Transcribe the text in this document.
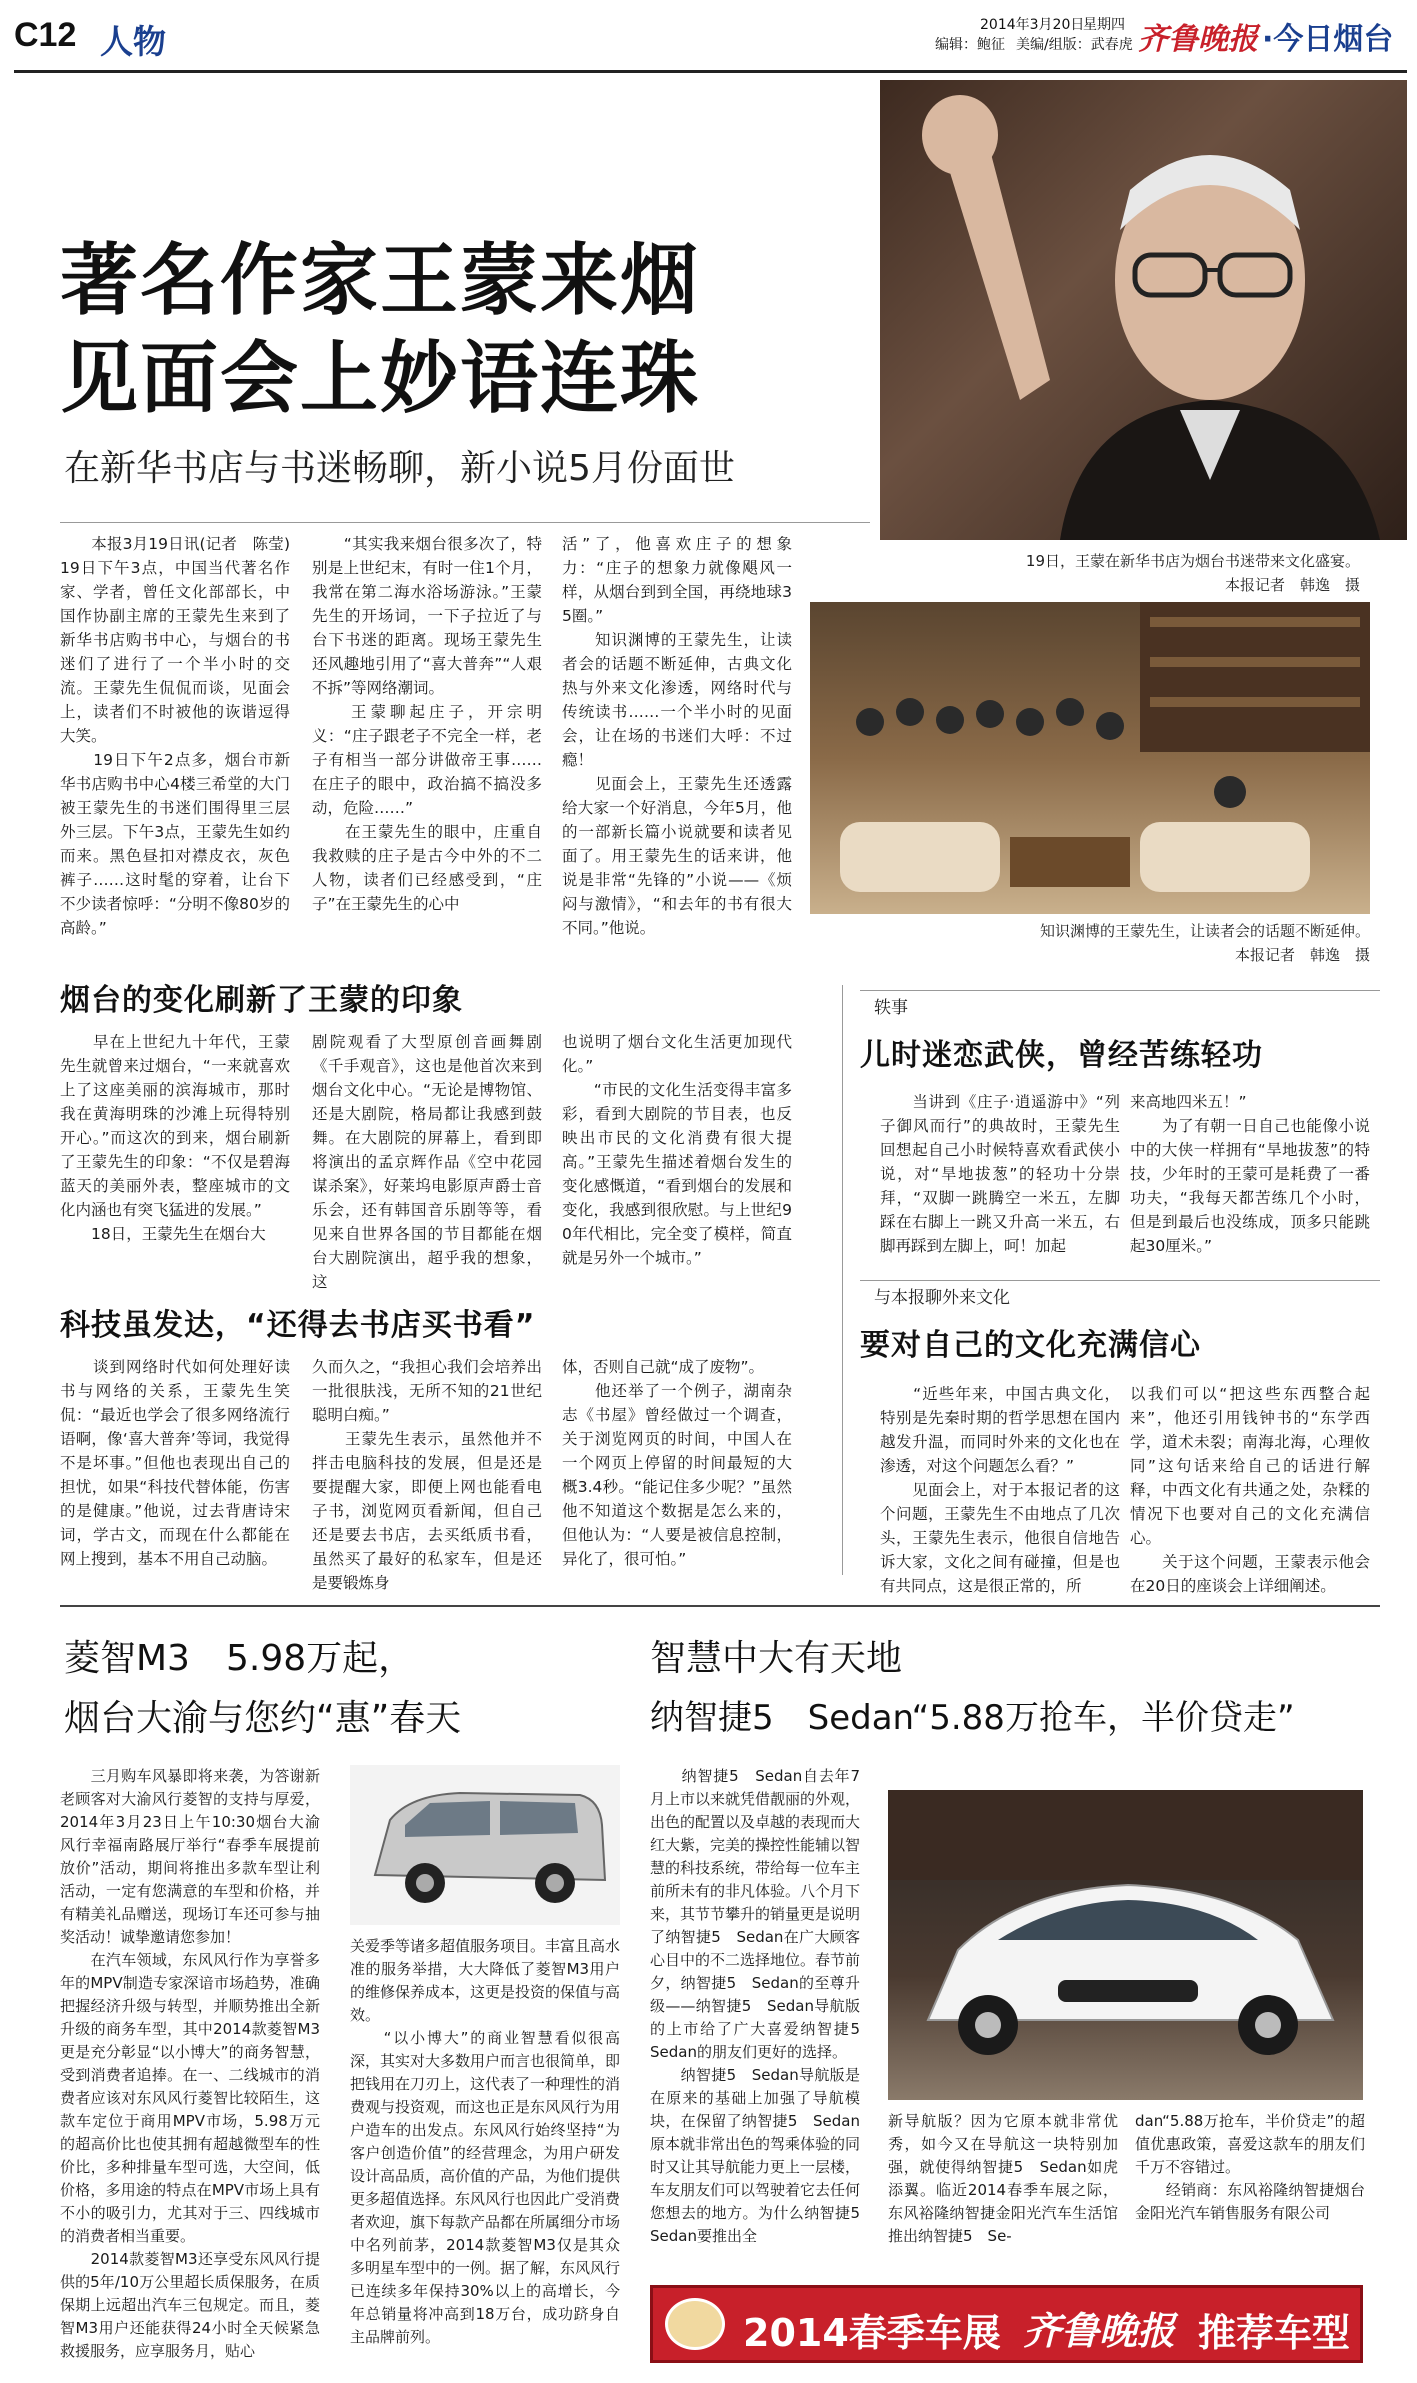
C12 人物	2014年3月20日
星期四
编辑：鲍征 美编/组版：武春虎 齐鲁晚报 ·今日烟台
著名作家王蒙来烟
见面会上妙语连珠
在新华书店与书迷畅聊，新小说5月份面世
　　本报3月19日讯(记者　陈莹)　19日下午3点，中国当代著名作家、学者，曾任文化部部长，中国作协副主席的王蒙先生来到了新华书店购书中心，与烟台的书迷们了进行了一个半小时的交流。王蒙先生侃侃而谈，见面会上，读者们不时被他的诙谐逗得大笑。
　　19日下午2点多，烟台市新华书店购书中心4楼三希堂的大门被王蒙先生的书迷们围得里三层外三层。下午3点，王蒙先生如约而来。黑色昼扣对襟皮衣，灰色裤子……这时髦的穿着，让台下不少读者惊呼：“分明不像80岁的高龄。”
　　“其实我来烟台很多次了，特别是上世纪末，有时一住1个月，我常在第二海水浴场游泳。”王蒙先生的开场词，一下子拉近了与台下书迷的距离。现场王蒙先生还风趣地引用了“喜大普奔”“人艰不拆”等网络潮词。
　　王蒙聊起庄子，开宗明义：“庄子跟老子不完全一样，老子有相当一部分讲做帝王事……在庄子的眼中，政治搞不搞没多动，危险……”
　　在王蒙先生的眼中，庄重自我救赎的庄子是古今中外的不二人物，读者们已经感受到，“庄子”在王蒙先生的心中
活”了，他喜欢庄子的想象力：“庄子的想象力就像飓风一样，从烟台到到全国，再绕地球35圈。”
　　知识渊博的王蒙先生，让读者会的话题不断延伸，古典文化热与外来文化渗透，网络时代与传统读书……一个半小时的见面会，让在场的书迷们大呼：不过瘾！
　　见面会上，王蒙先生还透露给大家一个好消息，今年5月，他的一部新长篇小说就要和读者见面了。用王蒙先生的话来讲，他说是非常“先锋的”小说——《烦闷与激情》，“和去年的书有很大不同。”他说。
19日，王蒙在新华书店为烟台书迷带来文化盛宴。
本报记者　韩逸　摄
知识渊博的王蒙先生，让读者会的话题不断延伸。
本报记者　韩逸　摄
烟台的变化刷新了王蒙的印象
　　早在上世纪九十年代，王蒙先生就曾来过烟台，“一来就喜欢上了这座美丽的滨海城市，那时我在黄海明珠的沙滩上玩得特别开心。”而这次的到来，烟台刷新了王蒙先生的印象：“不仅是碧海蓝天的美丽外表，整座城市的文化内涵也有突飞猛进的发展。”
　　18日，王蒙先生在烟台大
剧院观看了大型原创音画舞剧《千手观音》，这也是他首次来到烟台文化中心。“无论是博物馆、还是大剧院，格局都让我感到鼓舞。在大剧院的屏幕上，看到即将演出的孟京辉作品《空中花园谋杀案》，好莱坞电影原声爵士音乐会，还有韩国音乐剧等等，看见来自世界各国的节目都能在烟台大剧院演出，超乎我的想象，这
也说明了烟台文化生活更加现代化。”
　　“市民的文化生活变得丰富多彩，看到大剧院的节目表，也反映出市民的文化消费有很大提高。”王蒙先生描述着烟台发生的变化感慨道，“看到烟台的发展和变化，我感到很欣慰。与上世纪90年代相比，完全变了模样，简直就是另外一个城市。”
科技虽发达，“还得去书店买书看”
　　谈到网络时代如何处理好读书与网络的关系，王蒙先生笑侃：“最近也学会了很多网络流行语啊，像‘喜大普奔’等词，我觉得不是坏事。”但他也表现出自己的担忧，如果“科技代替体能，伤害的是健康。”他说，过去背唐诗宋词，学古文，而现在什么都能在网上搜到，基本不用自己动脑。
久而久之，“我担心我们会培养出一批很肤浅，无所不知的21世纪聪明白痴。”
　　王蒙先生表示，虽然他并不拌击电脑科技的发展，但是还是要提醒大家，即便上网也能看电子书，浏览网页看新闻，但自己还是要去书店，去买纸质书看，虽然买了最好的私家车，但是还是要锻炼身
体，否则自己就“成了废物”。
　　他还举了一个例子，湖南杂志《书屋》曾经做过一个调查，关于浏览网页的时间，中国人在一个网页上停留的时间最短的大概3.4秒。“能记住多少呢？”虽然他不知道这个数据是怎么来的，但他认为：“人要是被信息控制，异化了，很可怕。”
轶事
儿时迷恋武侠，曾经苦练轻功
　　当讲到《庄子·逍遥游中》“列子御风而行”的典故时，王蒙先生回想起自己小时候特喜欢看武侠小说，对“旱地拔葱”的轻功十分崇拜，“双脚一跳腾空一米五，左脚踩在右脚上一跳又升高一米五，右脚再踩到左脚上，呵！加起
来高地四米五！”
　　为了有朝一日自己也能像小说中的大侠一样拥有“旱地拔葱”的特技，少年时的王蒙可是耗费了一番功夫，“我每天都苦练几个小时，但是到最后也没练成，顶多只能跳起30厘米。”
与本报聊外来文化
要对自己的文化充满信心
　　“近些年来，中国古典文化，特别是先秦时期的哲学思想在国内越发升温，而同时外来的文化也在渗透，对这个问题怎么看？”
　　见面会上，对于本报记者的这个问题，王蒙先生不由地点了几次头，王蒙先生表示，他很自信地告诉大家，文化之间有碰撞，但是也有共同点，这是很正常的，所
以我们可以“把这些东西整合起来”，他还引用钱钟书的“东学西学，道术未裂；南海北海，心理攸同”这句话来给自己的话进行解释，中西文化有共通之处，杂糅的情况下也要对自己的文化充满信心。
　　关于这个问题，王蒙表示他会在20日的座谈会上详细阐述。
菱智M3　5.98万起，
烟台大渝与您约“惠”春天
　　三月购车风暴即将来袭，为答谢新老顾客对大渝风行菱智的支持与厚爱，2014年3月23日上午10:30烟台大渝风行幸福南路展厅举行“春季车展提前放价”活动，期间将推出多款车型让利活动，一定有您满意的车型和价格，并有精美礼品赠送，现场订车还可参与抽奖活动！诚挚邀请您参加！
　　在汽车领域，东风风行作为享誉多年的MPV制造专家深谙市场趋势，准确把握经济升级与转型，并顺势推出全新升级的商务车型，其中2014款菱智M3更是充分彰显“以小博大”的商务智慧，受到消费者追捧。在一、二线城市的消费者应该对东风风行菱智比较陌生，这款车定位于商用MPV市场，5.98万元的超高价比也使其拥有超越微型车的性价比，多种排量车型可选，大空间，低价格，多用途的特点在MPV市场上具有不小的吸引力，尤其对于三、四线城市的消费者相当重要。
　　2014款菱智M3还享受东风风行提供的5年/10万公里超长质保服务，在质保期上远超出汽车三包规定。而且，菱智M3用户还能获得24小时全天候紧急救援服务，应享服务月，贴心
关爱季等诸多超值服务项目。丰富且高水准的服务举措，大大降低了菱智M3用户的维修保养成本，这更是投资的保值与高效。
　　“以小博大”的商业智慧看似很高深，其实对大多数用户而言也很简单，即把钱用在刀刃上，这代表了一种理性的消费观与投资观，而这也正是东风风行为用户造车的出发点。东风风行始终坚持“为客户创造价值”的经营理念，为用户研发设计高品质，高价值的产品，为他们提供更多超值选择。东风风行也因此广受消费者欢迎，旗下每款产品都在所属细分市场中名列前茅，2014款菱智M3仅是其众多明星车型中的一例。据了解，东风风行已连续多年保持30%以上的高增长，今年总销量将冲高到18万台，成功跻身自主品牌前列。
智慧中大有天地
纳智捷5　Sedan“5.88万抢车，半价贷走”
　　纳智捷5　Sedan自去年7月上市以来就凭借靓丽的外观，出色的配置以及卓越的表现而大红大紫，完美的操控性能辅以智慧的科技系统，带给每一位车主前所未有的非凡体验。八个月下来，其节节攀升的销量更是说明了纳智捷5　Sedan在广大顾客心目中的不二选择地位。春节前夕，纳智捷5　Sedan的至尊升级——纳智捷5　Sedan导航版的上市给了广大喜爱纳智捷5　Sedan的朋友们更好的选择。
　　纳智捷5　Sedan导航版是在原来的基础上加强了导航模块，在保留了纳智捷5　Sedan原本就非常出色的驾乘体验的同时又让其导航能力更上一层楼，车友朋友们可以驾驶着它去任何您想去的地方。为什么纳智捷5　Sedan要推出全
新导航版？因为它原本就非常优秀，如今又在导航这一块特别加强，就使得纳智捷5　Sedan如虎添翼。临近2014春季车展之际，东风裕隆纳智捷金阳光汽车生活馆推出纳智捷5　Se-
dan“5.88万抢车，半价贷走”的超值优惠政策，喜爱这款车的朋友们千万不容错过。
　　经销商：东风裕隆纳智捷烟台金阳光汽车销售服务有限公司
2014春季车展 齐鲁晚报 推荐车型
